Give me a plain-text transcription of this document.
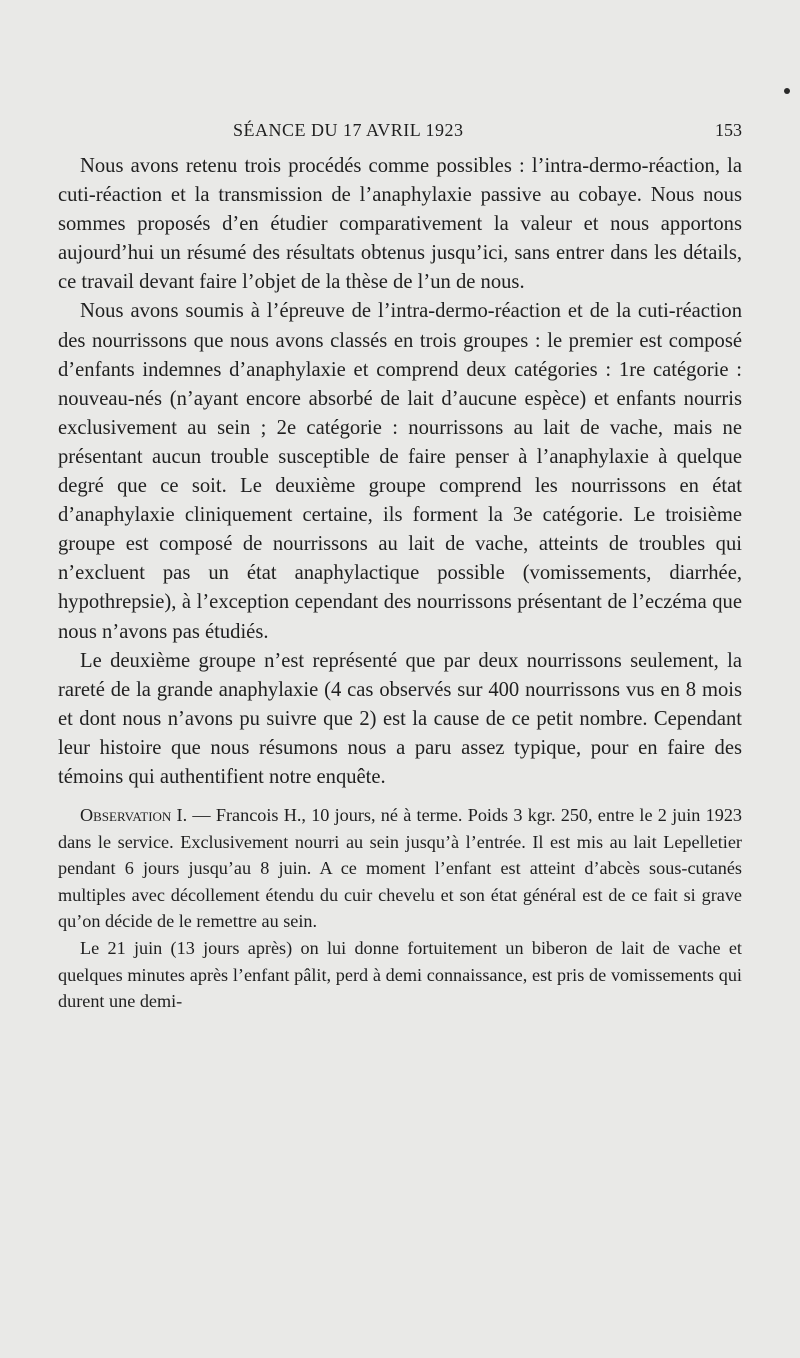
SÉANCE DU 17 AVRIL 1923	153

Nous avons retenu trois procédés comme possibles : l’intra-dermo-réaction, la cuti-réaction et la transmission de l’anaphylaxie passive au cobaye. Nous nous sommes proposés d’en étudier comparativement la valeur et nous apportons aujourd’hui un résumé des résultats obtenus jusqu’ici, sans entrer dans les détails, ce travail devant faire l’objet de la thèse de l’un de nous.

Nous avons soumis à l’épreuve de l’intra-dermo-réaction et de la cuti-réaction des nourrissons que nous avons classés en trois groupes : le premier est composé d’enfants indemnes d’anaphylaxie et comprend deux catégories : 1re catégorie : nouveau-nés (n’ayant encore absorbé de lait d’aucune espèce) et enfants nourris exclusivement au sein ; 2e catégorie : nourrissons au lait de vache, mais ne présentant aucun trouble susceptible de faire penser à l’anaphylaxie à quelque degré que ce soit. Le deuxième groupe comprend les nourrissons en état d’anaphylaxie cliniquement certaine, ils forment la 3e catégorie. Le troisième groupe est composé de nourrissons au lait de vache, atteints de troubles qui n’excluent pas un état anaphylactique possible (vomissements, diarrhée, hypothrepsie), à l’exception cependant des nourrissons présentant de l’eczéma que nous n’avons pas étudiés.

Le deuxième groupe n’est représenté que par deux nourrissons seulement, la rareté de la grande anaphylaxie (4 cas observés sur 400 nourrissons vus en 8 mois et dont nous n’avons pu suivre que 2) est la cause de ce petit nombre. Cependant leur histoire que nous résumons nous a paru assez typique, pour en faire des témoins qui authentifient notre enquête.

Observation I. — Francois H., 10 jours, né à terme. Poids 3 kgr. 250, entre le 2 juin 1923 dans le service. Exclusivement nourri au sein jusqu’à l’entrée. Il est mis au lait Lepelletier pendant 6 jours jusqu’au 8 juin. A ce moment l’enfant est atteint d’abcès sous-cutanés multiples avec décollement étendu du cuir chevelu et son état général est de ce fait si grave qu’on décide de le remettre au sein.

Le 21 juin (13 jours après) on lui donne fortuitement un biberon de lait de vache et quelques minutes après l’enfant pâlit, perd à demi connaissance, est pris de vomissements qui durent une demi-
